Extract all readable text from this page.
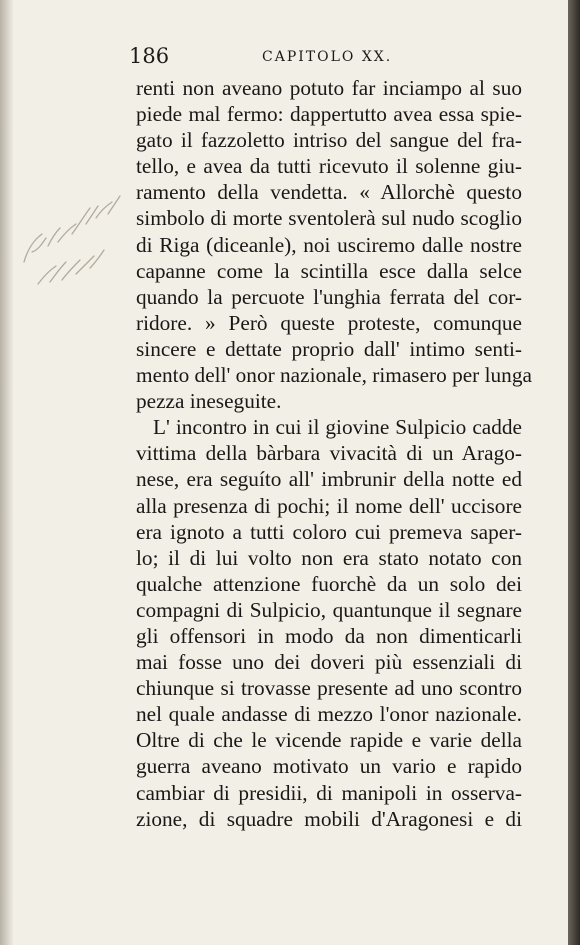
186	CAPITOLO XX.
renti non aveano potuto far inciampo al suo
piede mal fermo: dappertutto avea essa spie-
gato il fazzoletto intriso del sangue del fra-
tello, e avea da tutti ricevuto il solenne giu-
ramento della vendetta. « Allorchè questo
simbolo di morte sventolerà sul nudo scoglio
di Riga (diceanle), noi usciremo dalle nostre
capanne come la scintilla esce dalla selce
quando la percuote l'unghia ferrata del cor-
ridore. » Però queste proteste, comunque
sincere e dettate proprio dall' intimo senti-
mento dell' onor nazionale, rimasero per lunga
pezza ineseguite.
L' incontro in cui il giovine Sulpicio cadde
vittima della bàrbara vivacità di un Arago-
nese, era seguíto all' imbrunir della notte ed
alla presenza di pochi; il nome dell' uccisore
era ignoto a tutti coloro cui premeva saper-
lo; il di lui volto non era stato notato con
qualche attenzione fuorchè da un solo dei
compagni di Sulpicio, quantunque il segnare
gli offensori in modo da non dimenticarli
mai fosse uno dei doveri più essenziali di
chiunque si trovasse presente ad uno scontro
nel quale andasse di mezzo l'onor nazionale.
Oltre di che le vicende rapide e varie della
guerra aveano motivato un vario e rapido
cambiar di presidii, di manipoli in osserva-
zione, di squadre mobili d'Aragonesi e di
